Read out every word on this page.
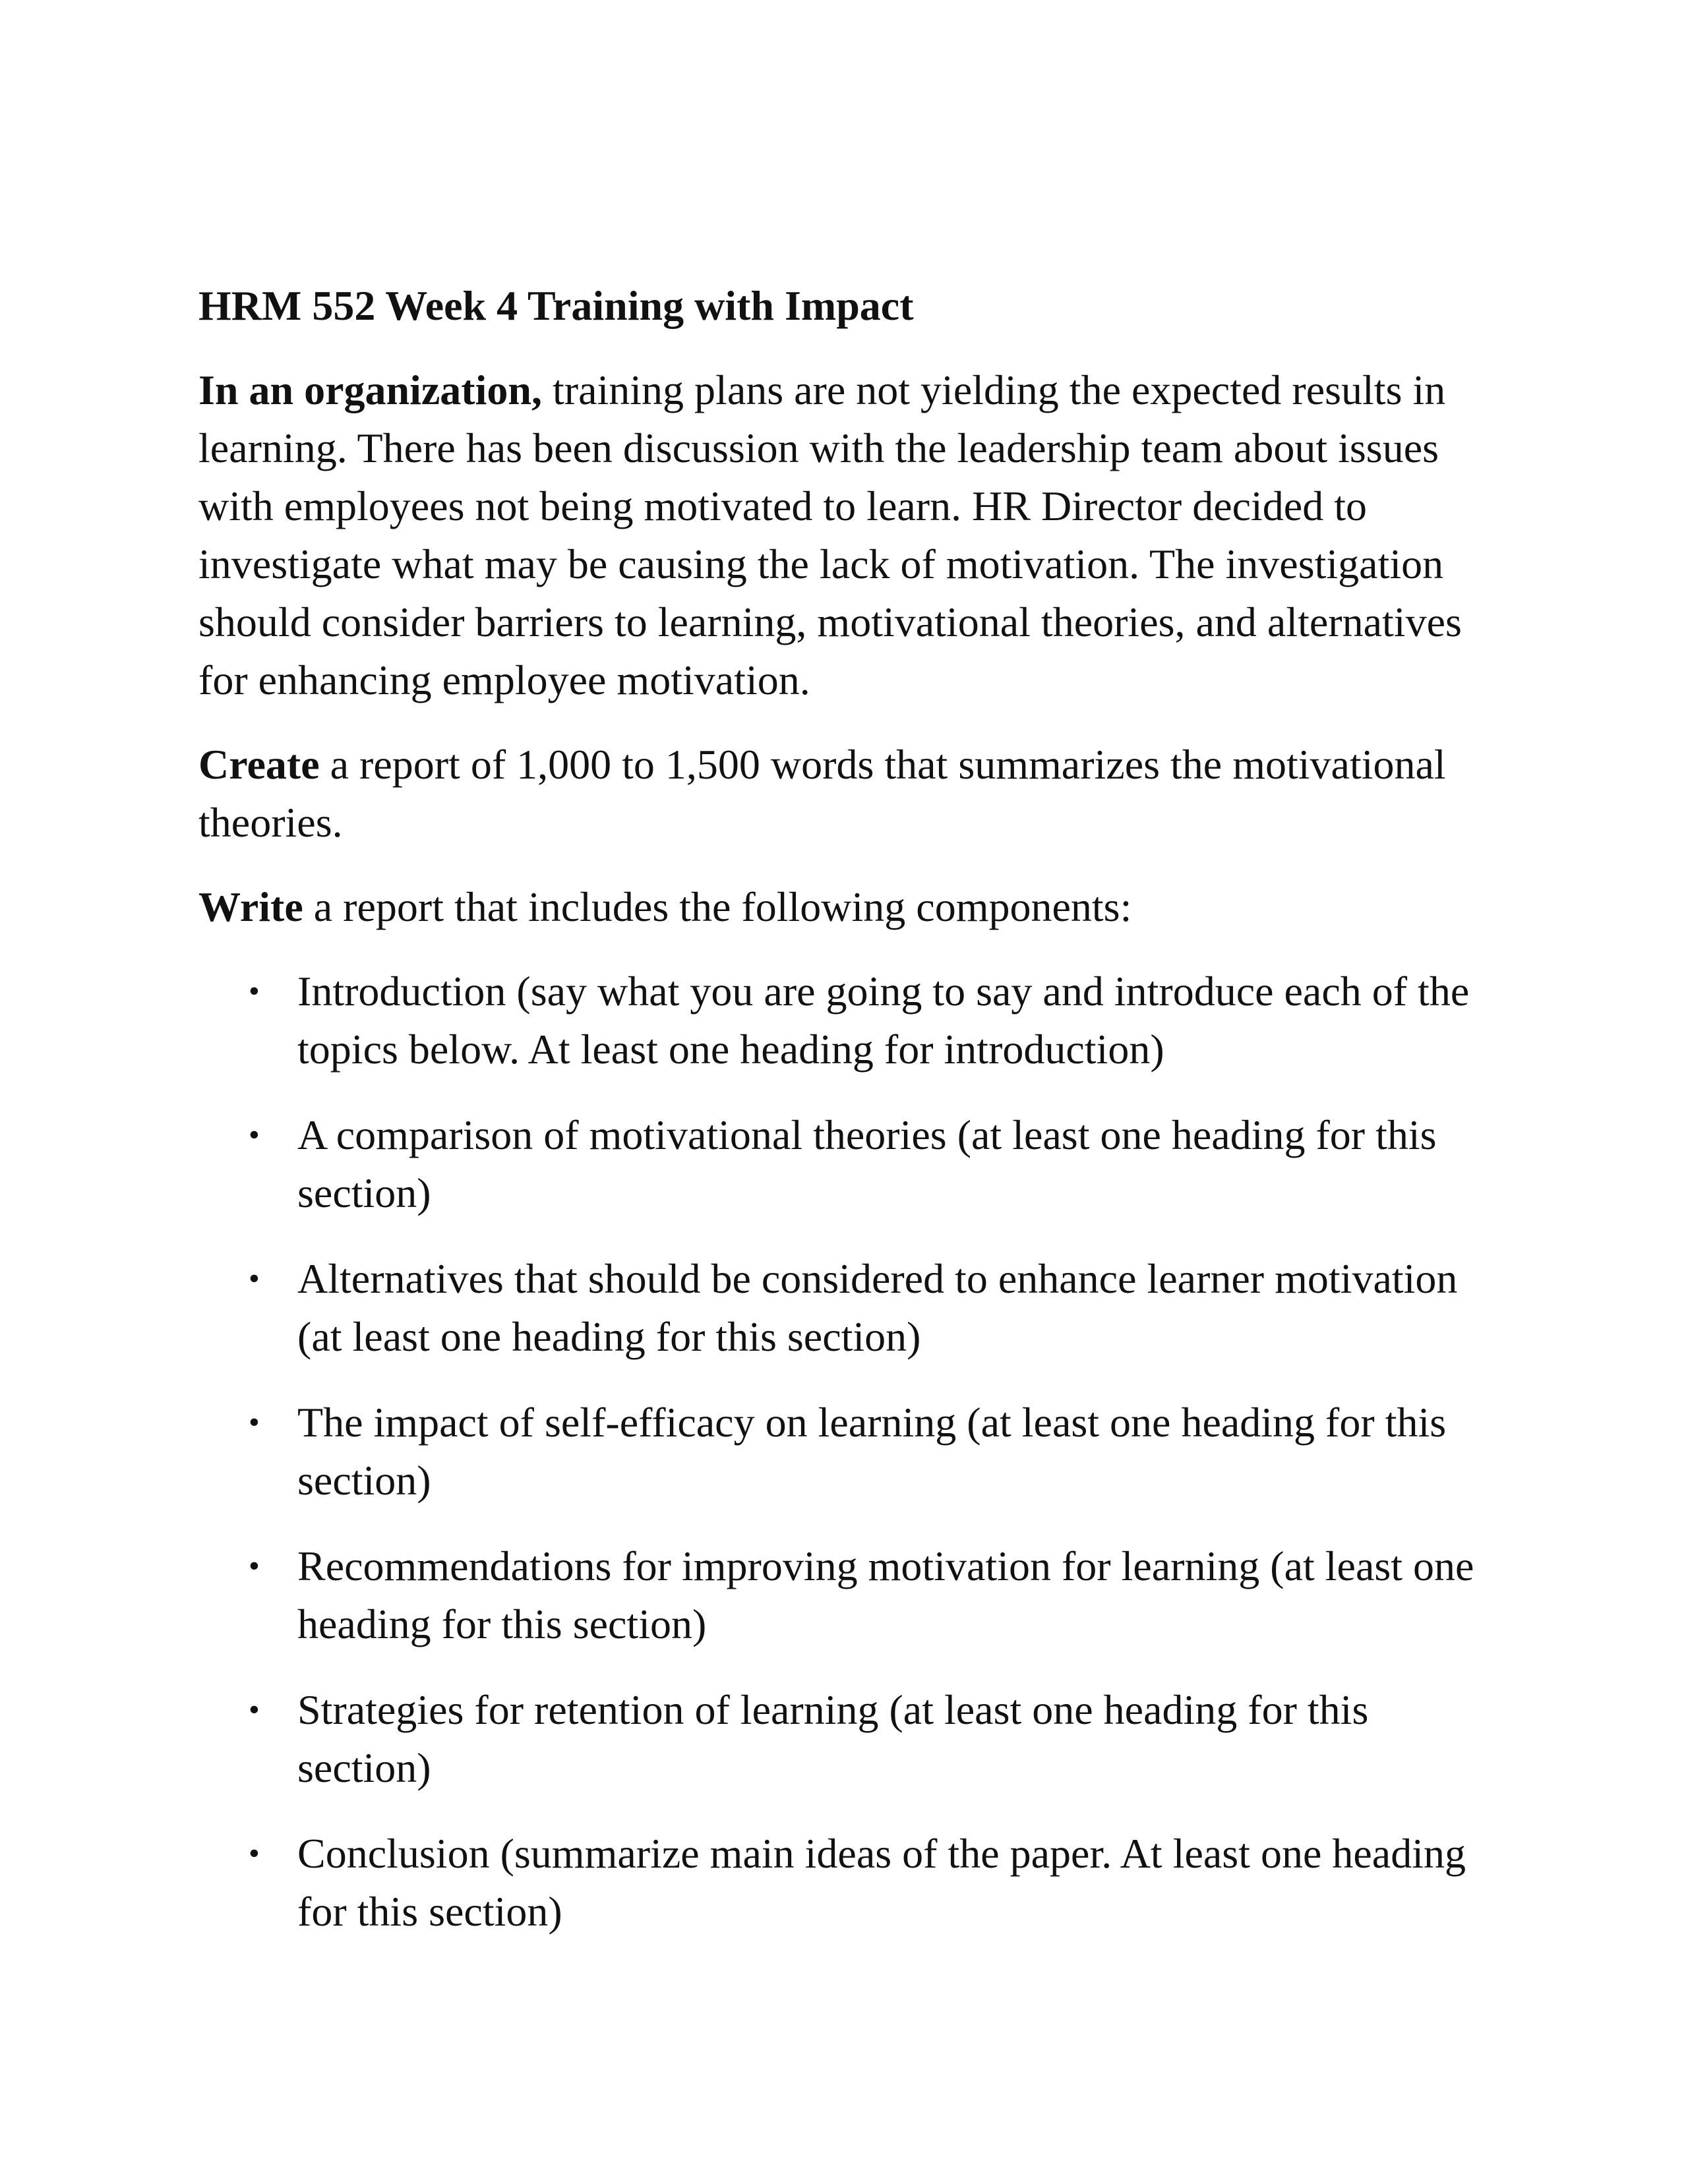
HRM 552 Week 4 Training with Impact

In an organization, training plans are not yielding the expected results in learning. There has been discussion with the leadership team about issues with employees not being motivated to learn. HR Director decided to investigate what may be causing the lack of motivation. The investigation should consider barriers to learning, motivational theories, and alternatives for enhancing employee motivation.

Create a report of 1,000 to 1,500 words that summarizes the motivational theories.

Write a report that includes the following components:

• Introduction (say what you are going to say and introduce each of the topics below. At least one heading for introduction)
• A comparison of motivational theories (at least one heading for this section)
• Alternatives that should be considered to enhance learner motivation (at least one heading for this section)
• The impact of self-efficacy on learning (at least one heading for this section)
• Recommendations for improving motivation for learning (at least one heading for this section)
• Strategies for retention of learning (at least one heading for this section)
• Conclusion (summarize main ideas of the paper. At least one heading for this section)
